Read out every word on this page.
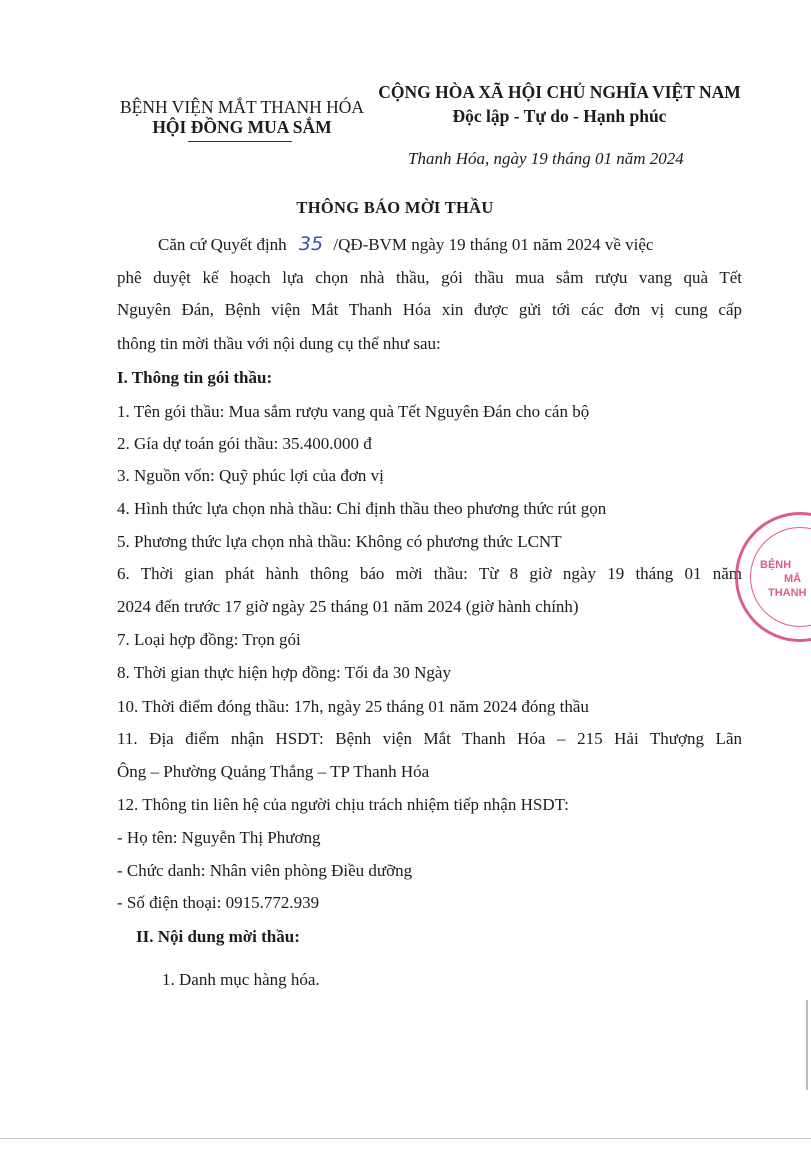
BỆNH VIỆN MẮT THANH HÓA
HỘI ĐỒNG MUA SẮM
CỘNG HÒA XÃ HỘI CHỦ NGHĨA VIỆT NAM
Độc lập - Tự do - Hạnh phúc
Thanh Hóa, ngày 19 tháng 01 năm 2024
THÔNG BÁO MỜI THẦU
Căn cứ Quyết định 35 /QĐ-BVM ngày 19 tháng 01 năm 2024 về việc
phê duyệt kế hoạch lựa chọn nhà thầu, gói thầu mua sắm rượu vang quà Tết
Nguyên Đán, Bệnh viện Mắt Thanh Hóa xin được gửi tới các đơn vị cung cấp
thông tin mời thầu với nội dung cụ thể như sau:
I. Thông tin gói thầu:
1. Tên gói thầu: Mua sắm rượu vang quà Tết Nguyên Đán cho cán bộ
2. Gía dự toán gói thầu: 35.400.000 đ
3. Nguồn vốn: Quỹ phúc lợi của đơn vị
4. Hình thức lựa chọn nhà thầu: Chỉ định thầu theo phương thức rút gọn
5. Phương thức lựa chọn nhà thầu: Không có phương thức LCNT
6. Thời gian phát hành thông báo mời thầu: Từ 8 giờ ngày 19 tháng 01 năm
2024 đến trước 17 giờ ngày 25 tháng 01 năm 2024 (giờ hành chính)
7. Loại hợp đồng: Trọn gói
8. Thời gian thực hiện hợp đồng: Tối đa 30 Ngày
10. Thời điểm đóng thầu: 17h, ngày 25 tháng 01 năm 2024 đóng thầu
11. Địa điểm nhận HSDT: Bệnh viện Mắt Thanh Hóa – 215 Hải Thượng Lãn
Ông – Phường Quảng Thắng – TP Thanh Hóa
12. Thông tin liên hệ của người chịu trách nhiệm tiếp nhận HSDT:
- Họ tên: Nguyễn Thị Phương
- Chức danh: Nhân viên phòng Điều dưỡng
- Số điện thoại: 0915.772.939
II. Nội dung mời thầu:
1. Danh mục hàng hóa.
BỆNH
MẮ
THANH
